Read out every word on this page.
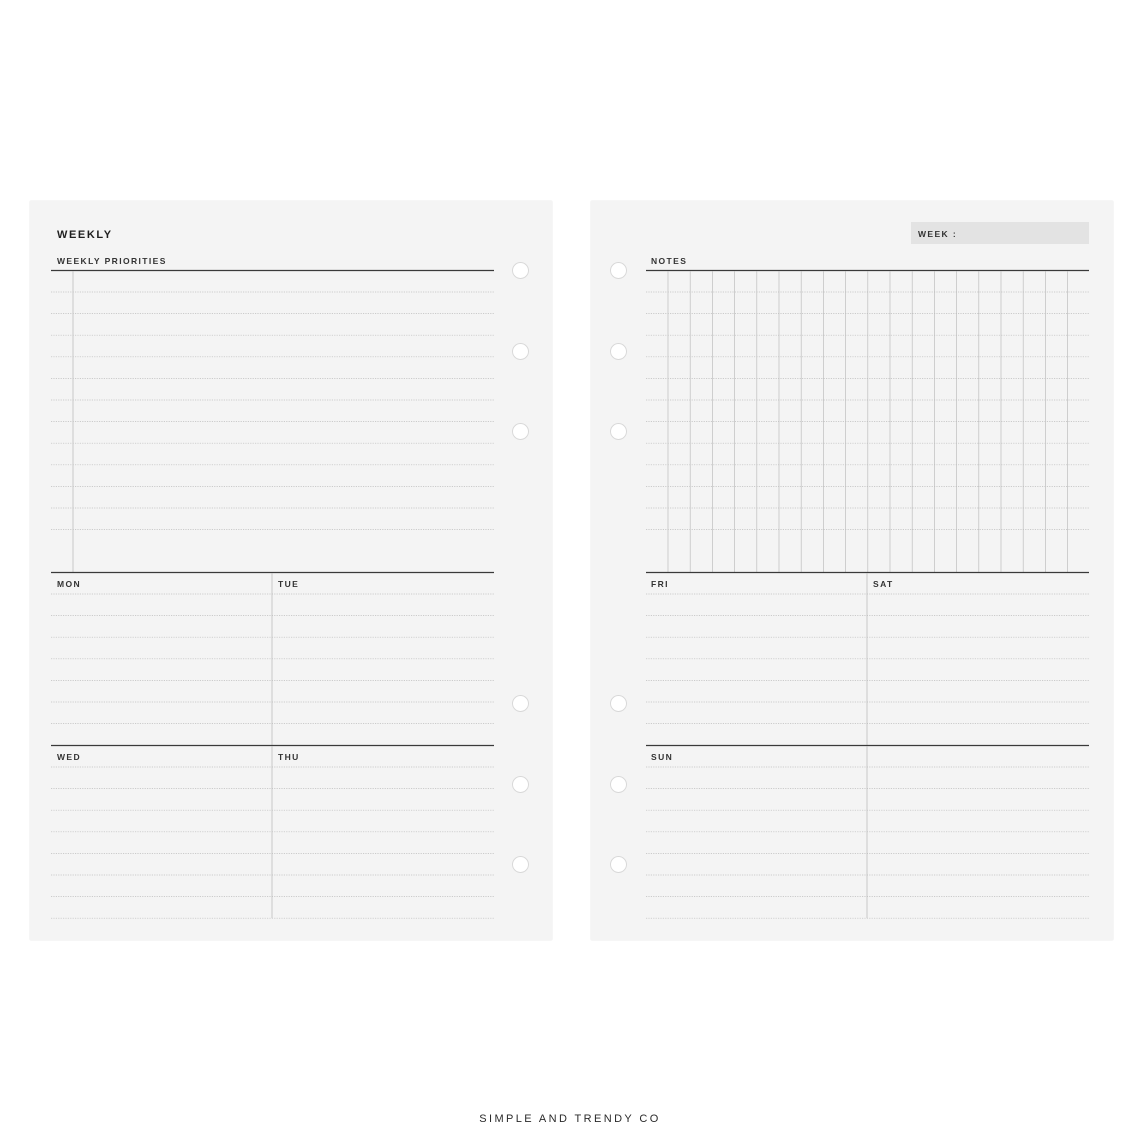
WEEKLY
WEEKLY PRIORITIES
MON	TUE
WED	THU
WEEK :
NOTES
FRI	SAT
SUN
SIMPLE AND TRENDY CO
